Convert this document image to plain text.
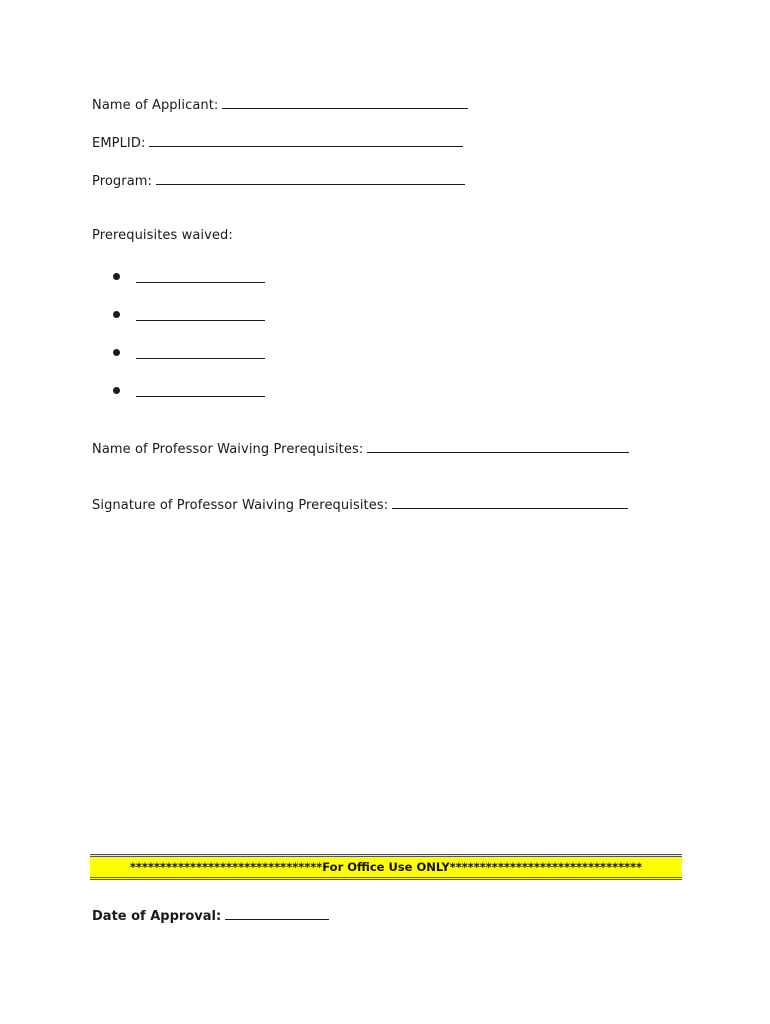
Name of Applicant:
EMPLID:
Program:
Prerequisites waived:
Name of Professor Waiving Prerequisites:
Signature of Professor Waiving Prerequisites:
********************************For Office Use ONLY********************************
Date of Approval:
